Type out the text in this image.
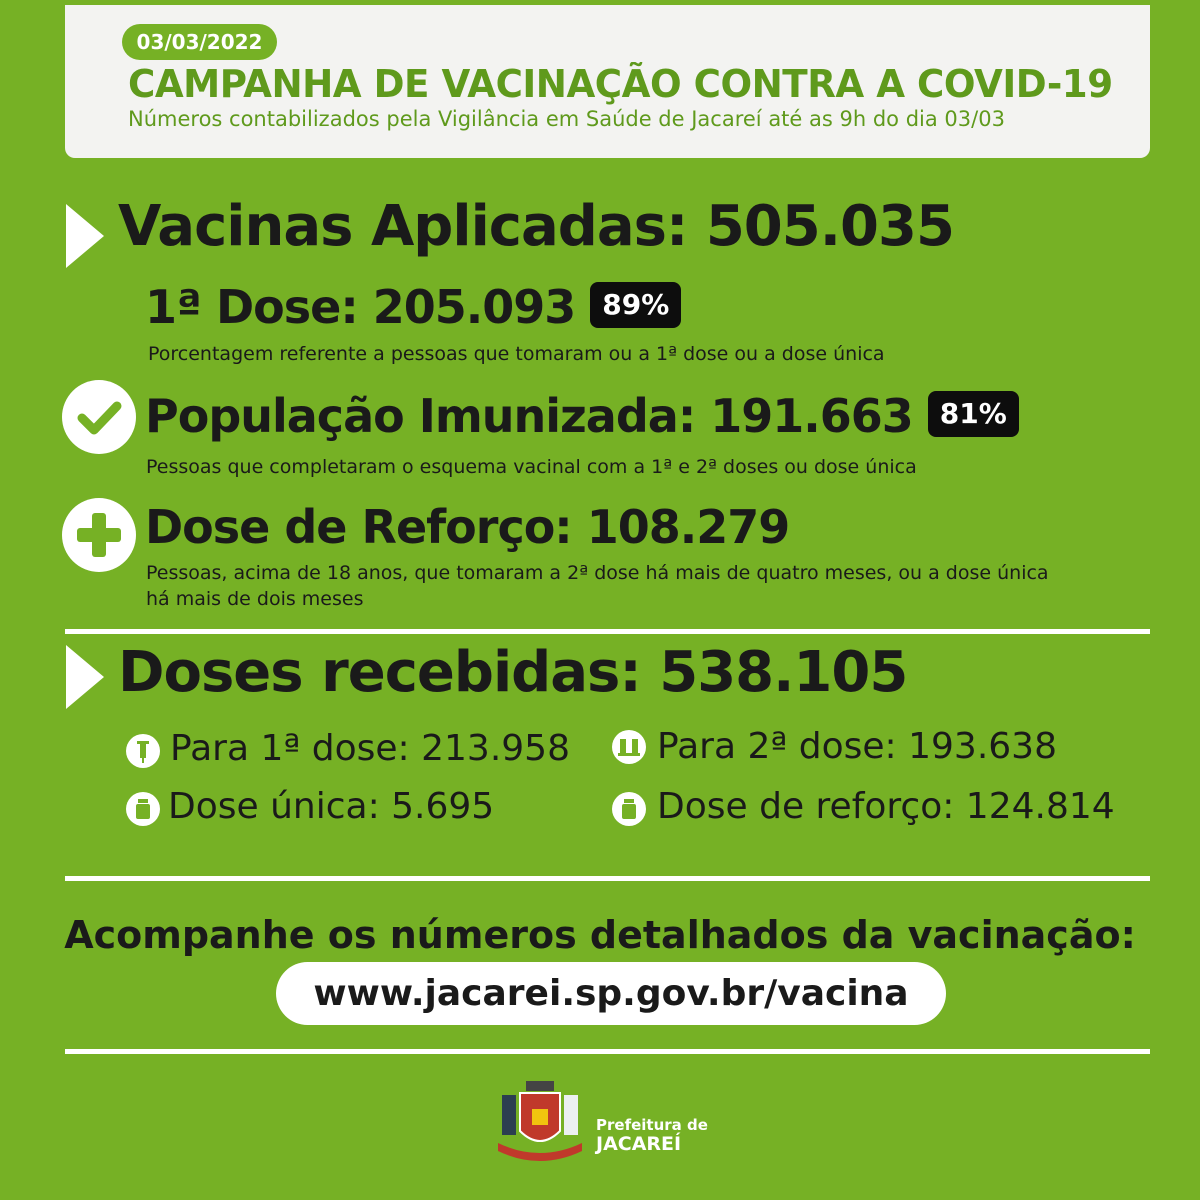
03/03/2022
CAMPANHA DE VACINAÇÃO CONTRA A COVID-19
Números contabilizados pela Vigilância em Saúde de Jacareí até as 9h do dia 03/03
Vacinas Aplicadas: 505.035
1ª Dose: 205.093 89%
Porcentagem referente a pessoas que tomaram ou a 1ª dose ou a dose única
População Imunizada: 191.663 81%
Pessoas que completaram o esquema vacinal com a 1ª e 2ª doses ou dose única
Dose de Reforço: 108.279
Pessoas, acima de 18 anos, que tomaram a 2ª dose há mais de quatro meses, ou a dose única
há mais de dois meses
Doses recebidas: 538.105
Para 1ª dose: 213.958 Para 2ª dose: 193.638
Dose única: 5.695	Dose de reforço: 124.814
Acompanhe os números detalhados da vacinação:
www.jacarei.sp.gov.br/vacina
Prefeitura de
JACAREÍ
